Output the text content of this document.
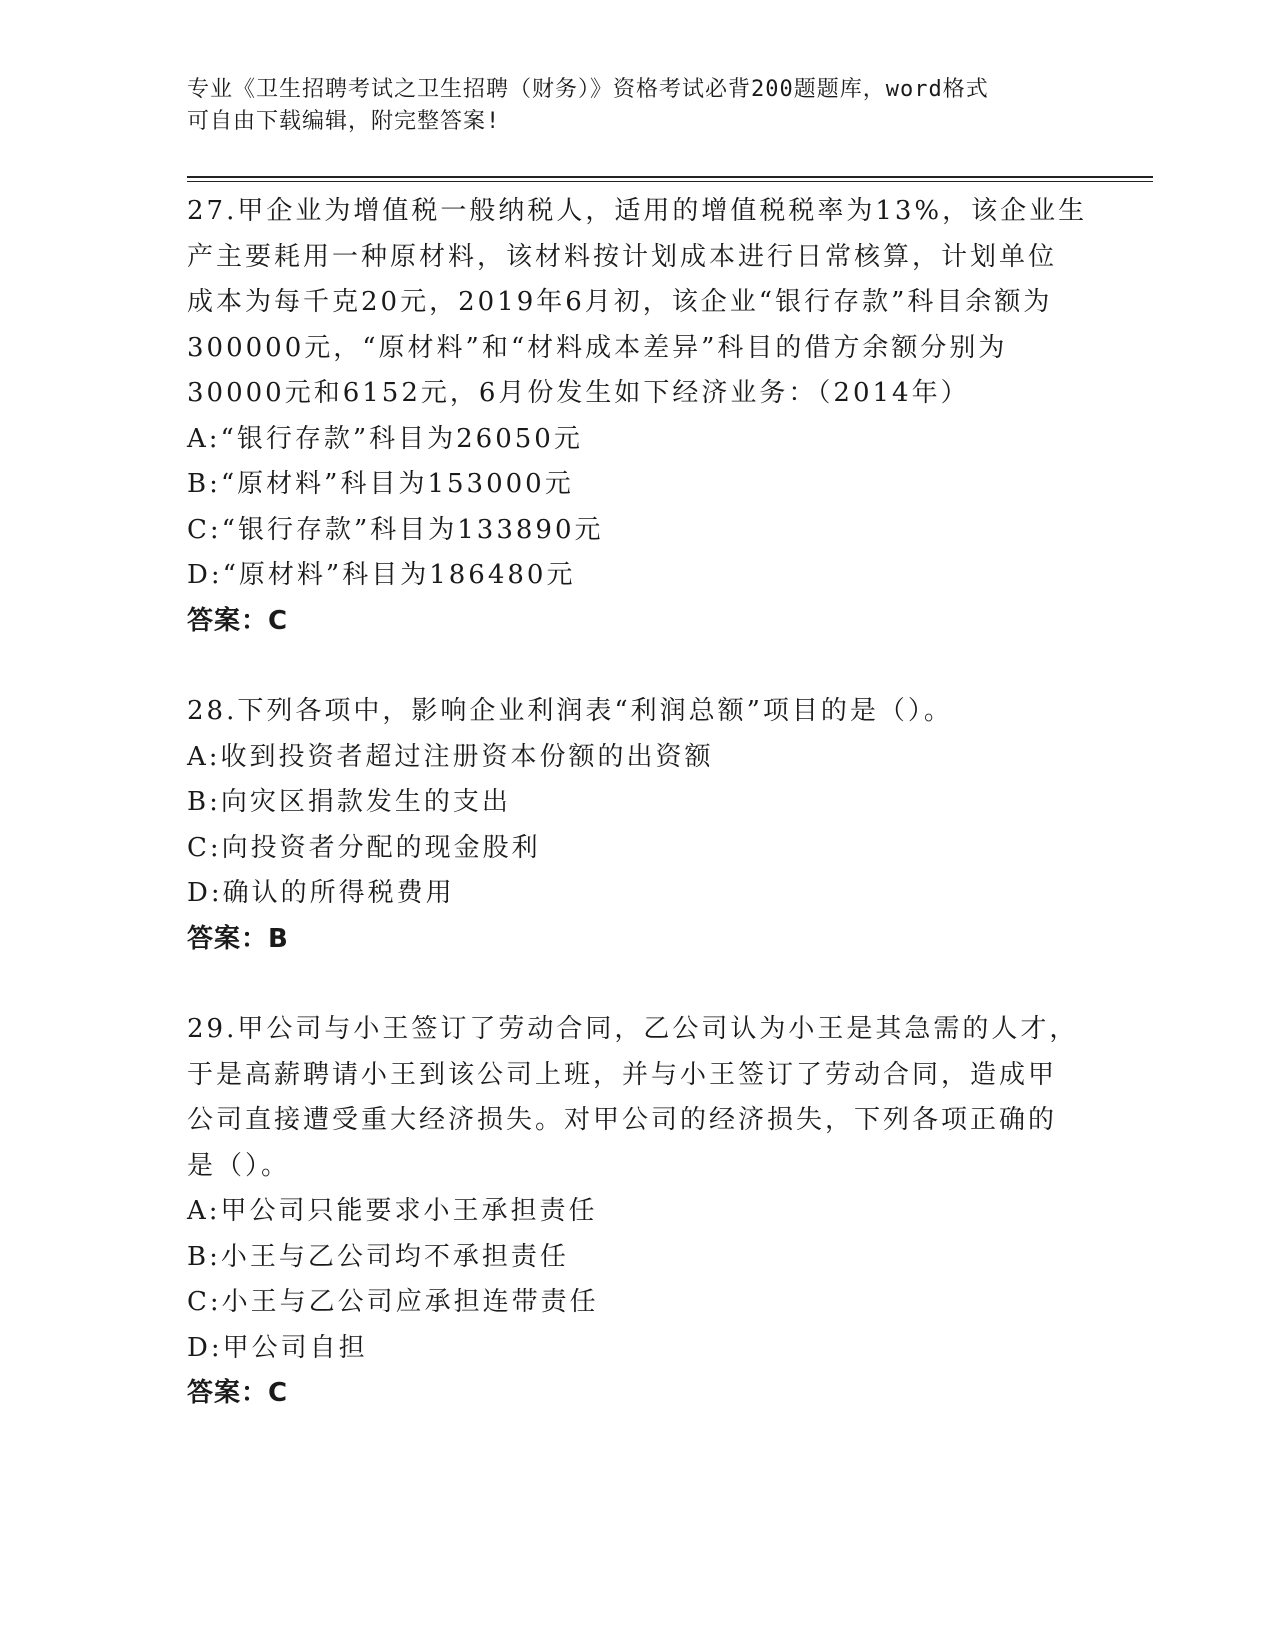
专业《卫生招聘考试之卫生招聘（财务）》资格考试必背200题题库，word格式

可自由下载编辑，附完整答案!

27.甲企业为增值税一般纳税人，适用的增值税税率为13%，该企业生

产主要耗用一种原材料，该材料按计划成本进行日常核算，计划单位

成本为每千克20元，2019年6月初，该企业“银行存款”科目余额为

300000元，“原材料”和“材料成本差异”科目的借方余额分别为

30000元和6152元，6月份发生如下经济业务：（2014年）

A:“银行存款”科目为26050元

B:“原材料”科目为153000元

C:“银行存款”科目为133890元

D:“原材料”科目为186480元

答案：C

28.下列各项中，影响企业利润表“利润总额”项目的是（）。

A:收到投资者超过注册资本份额的出资额

B:向灾区捐款发生的支出

C:向投资者分配的现金股利

D:确认的所得税费用

答案：B

29.甲公司与小王签订了劳动合同，乙公司认为小王是其急需的人才，

于是高薪聘请小王到该公司上班，并与小王签订了劳动合同，造成甲

公司直接遭受重大经济损失。对甲公司的经济损失，下列各项正确的

是（）。

A:甲公司只能要求小王承担责任

B:小王与乙公司均不承担责任

C:小王与乙公司应承担连带责任

D:甲公司自担

答案：C
